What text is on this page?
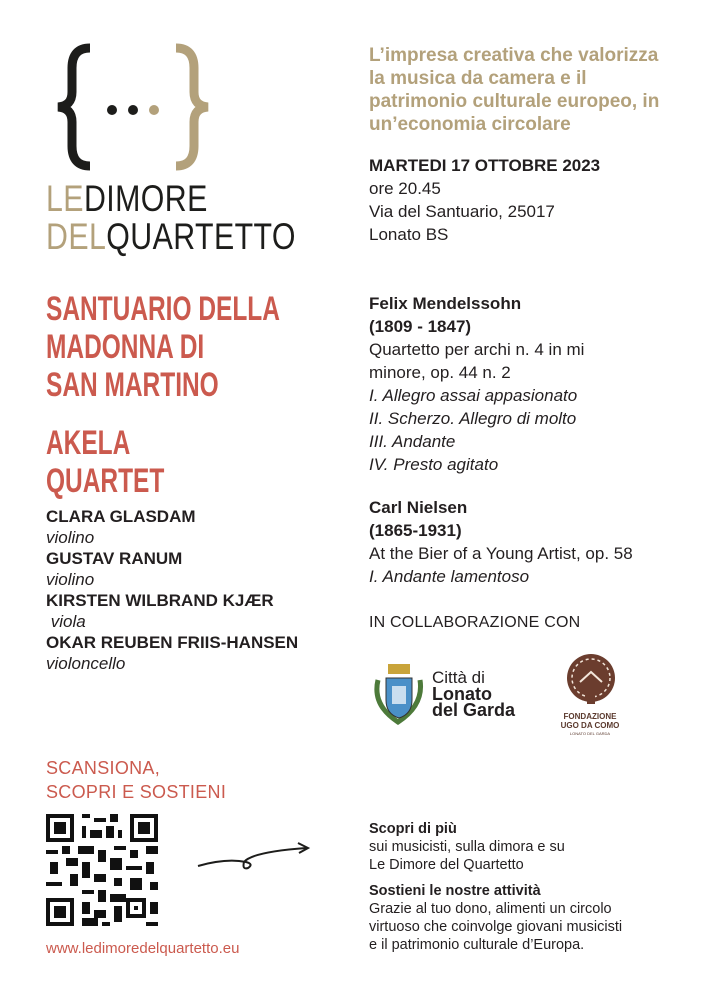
LEDIMORE
DELQUARTETTO
L’impresa creativa che valorizza la musica da camera e il patrimonio culturale europeo, in un’economia circolare
MARTEDI 17 OTTOBRE 2023
ore 20.45
Via del Santuario, 25017
Lonato BS
SANTUARIO DELLA
MADONNA DI
SAN MARTINO
AKELA
QUARTET
CLARA GLASDAM
violino
GUSTAV RANUM
violino
KIRSTEN WILBRAND KJÆR
viola
OKAR REUBEN FRIIS-HANSEN
violoncello
Felix Mendelssohn
(1809 - 1847)
Quartetto per archi n. 4 in mi
minore, op. 44 n. 2
I. Allegro assai appasionato
II. Scherzo. Allegro di molto
III. Andante
IV. Presto agitato
Carl Nielsen
(1865-1931)
At the Bier of a Young Artist, op. 58
I. Andante lamentoso
IN COLLABORAZIONE CON
Città di
Lonato
del Garda	FONDAZIONE
UGO DA COMO
LONATO DEL GARDA
SCANSIONA,
SCOPRI E SOSTIENI
www.ledimoredelquartetto.eu
Scopri di più
sui musicisti, sulla dimora e su
Le Dimore del Quartetto
Sostieni le nostre attività
Grazie al tuo dono, alimenti un circolo
virtuoso che coinvolge giovani musicisti
e il patrimonio culturale d’Europa.
